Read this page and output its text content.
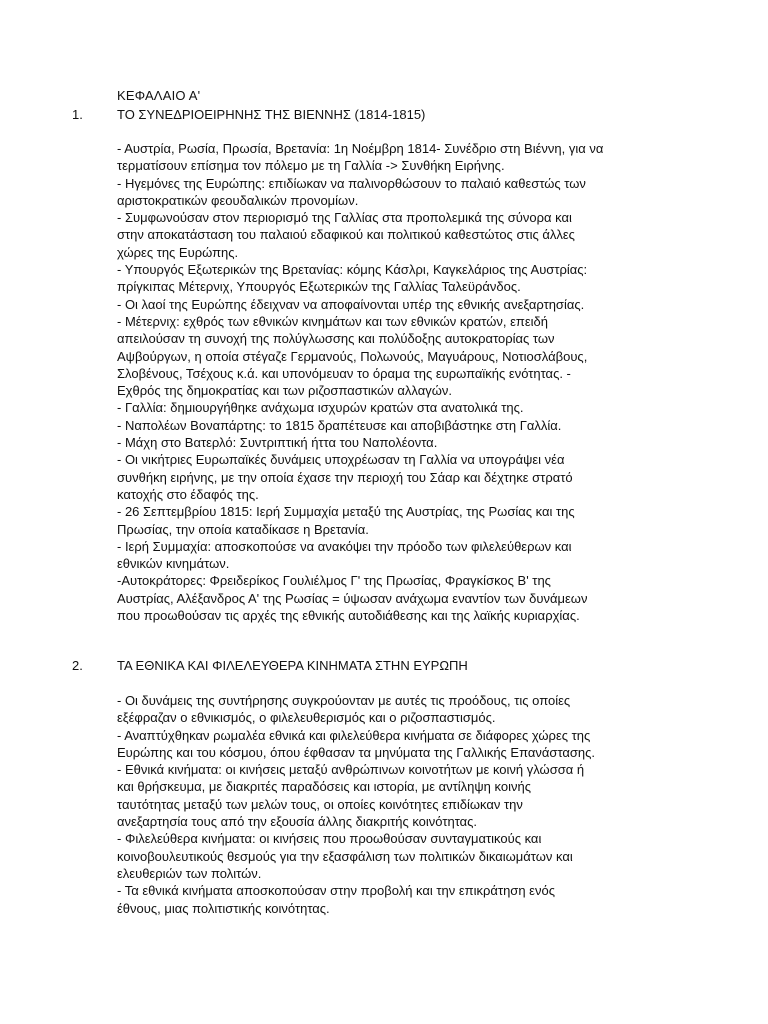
ΚΕΦΑΛΑΙΟ Α'
1.	ΤΟ ΣΥΝΕΔΡΙΟΕΙΡΗΝΗΣ ΤΗΣ ΒΙΕΝΝΗΣ (1814-1815)
- Αυστρία, Ρωσία, Πρωσία, Βρετανία: 1η Νοέμβρη 1814- Συνέδριο στη Βιέννη, για να
τερματίσουν επίσημα τον πόλεμο με τη Γαλλία -> Συνθήκη Ειρήνης.
- Ηγεμόνες της Ευρώπης: επιδίωκαν να παλινορθώσουν το παλαιό καθεστώς των
αριστοκρατικών φεουδαλικών προνομίων.
- Συμφωνούσαν στον περιορισμό της Γαλλίας στα προπολεμικά της σύνορα και
στην αποκατάσταση του παλαιού εδαφικού και πολιτικού καθεστώτος στις άλλες
χώρες της Ευρώπης.
- Υπουργός Εξωτερικών της Βρετανίας: κόμης Κάσλρι, Καγκελάριος της Αυστρίας:
πρίγκιπας Μέτερνιχ, Υπουργός Εξωτερικών της Γαλλίας Ταλεϋράνδος.
- Οι λαοί της Ευρώπης έδειχναν να αποφαίνονται υπέρ της εθνικής ανεξαρτησίας.
- Μέτερνιχ: εχθρός των εθνικών κινημάτων και των εθνικών κρατών, επειδή
απειλούσαν τη συνοχή της πολύγλωσσης και πολύδοξης αυτοκρατορίας των
Αψβούργων, η οποία στέγαζε Γερμανούς, Πολωνούς, Μαγυάρους, Νοτιοσλάβους,
Σλοβένους, Τσέχους κ.ά. και υπονόμευαν το όραμα της ευρωπαϊκής ενότητας. -
Εχθρός της δημοκρατίας και των ριζοσπαστικών αλλαγών.
- Γαλλία: δημιουργήθηκε ανάχωμα ισχυρών κρατών στα ανατολικά της.
- Ναπολέων Βοναπάρτης: το 1815 δραπέτευσε και αποβιβάστηκε στη Γαλλία.
- Μάχη στο Βατερλό: Συντριπτική ήττα του Ναπολέοντα.
- Οι νικήτριες Ευρωπαϊκές δυνάμεις υποχρέωσαν τη Γαλλία να υπογράψει νέα
συνθήκη ειρήνης, με την οποία έχασε την περιοχή του Σάαρ και δέχτηκε στρατό
κατοχής στο έδαφός της.
- 26 Σεπτεμβρίου 1815: Ιερή Συμμαχία μεταξύ της Αυστρίας, της Ρωσίας και της
Πρωσίας, την οποία καταδίκασε η Βρετανία.
- Ιερή Συμμαχία: αποσκοπούσε να ανακόψει την πρόοδο των φιλελεύθερων και
εθνικών κινημάτων.
-Αυτοκράτορες: Φρειδερίκος Γουλιέλμος Γ' της Πρωσίας, Φραγκίσκος Β' της
Αυστρίας, Αλέξανδρος Α' της Ρωσίας = ύψωσαν ανάχωμα εναντίον των δυνάμεων
που προωθούσαν τις αρχές της εθνικής αυτοδιάθεσης και της λαϊκής κυριαρχίας.
2.	ΤΑ ΕΘΝΙΚΑ ΚΑΙ ΦΙΛΕΛΕΥΘΕΡΑ ΚΙΝΗΜΑΤΑ ΣΤΗΝ ΕΥΡΩΠΗ
- Οι δυνάμεις της συντήρησης συγκρούονταν με αυτές τις προόδους, τις οποίες
εξέφραζαν ο εθνικισμός, ο φιλελευθερισμός και ο ριζοσπαστισμός.
- Αναπτύχθηκαν ρωμαλέα εθνικά και φιλελεύθερα κινήματα σε διάφορες χώρες της
Ευρώπης και του κόσμου, όπου έφθασαν τα μηνύματα της Γαλλικής Επανάστασης.
- Εθνικά κινήματα: οι κινήσεις μεταξύ ανθρώπινων κοινοτήτων με κοινή γλώσσα ή
και θρήσκευμα, με διακριτές παραδόσεις και ιστορία, με αντίληψη κοινής
ταυτότητας μεταξύ των μελών τους, οι οποίες κοινότητες επιδίωκαν την
ανεξαρτησία τους από την εξουσία άλλης διακριτής κοινότητας.
- Φιλελεύθερα κινήματα: οι κινήσεις που προωθούσαν συνταγματικούς και
κοινοβουλευτικούς θεσμούς για την εξασφάλιση των πολιτικών δικαιωμάτων και
ελευθεριών των πολιτών.
- Τα εθνικά κινήματα αποσκοπούσαν στην προβολή και την επικράτηση ενός
έθνους, μιας πολιτιστικής κοινότητας.
